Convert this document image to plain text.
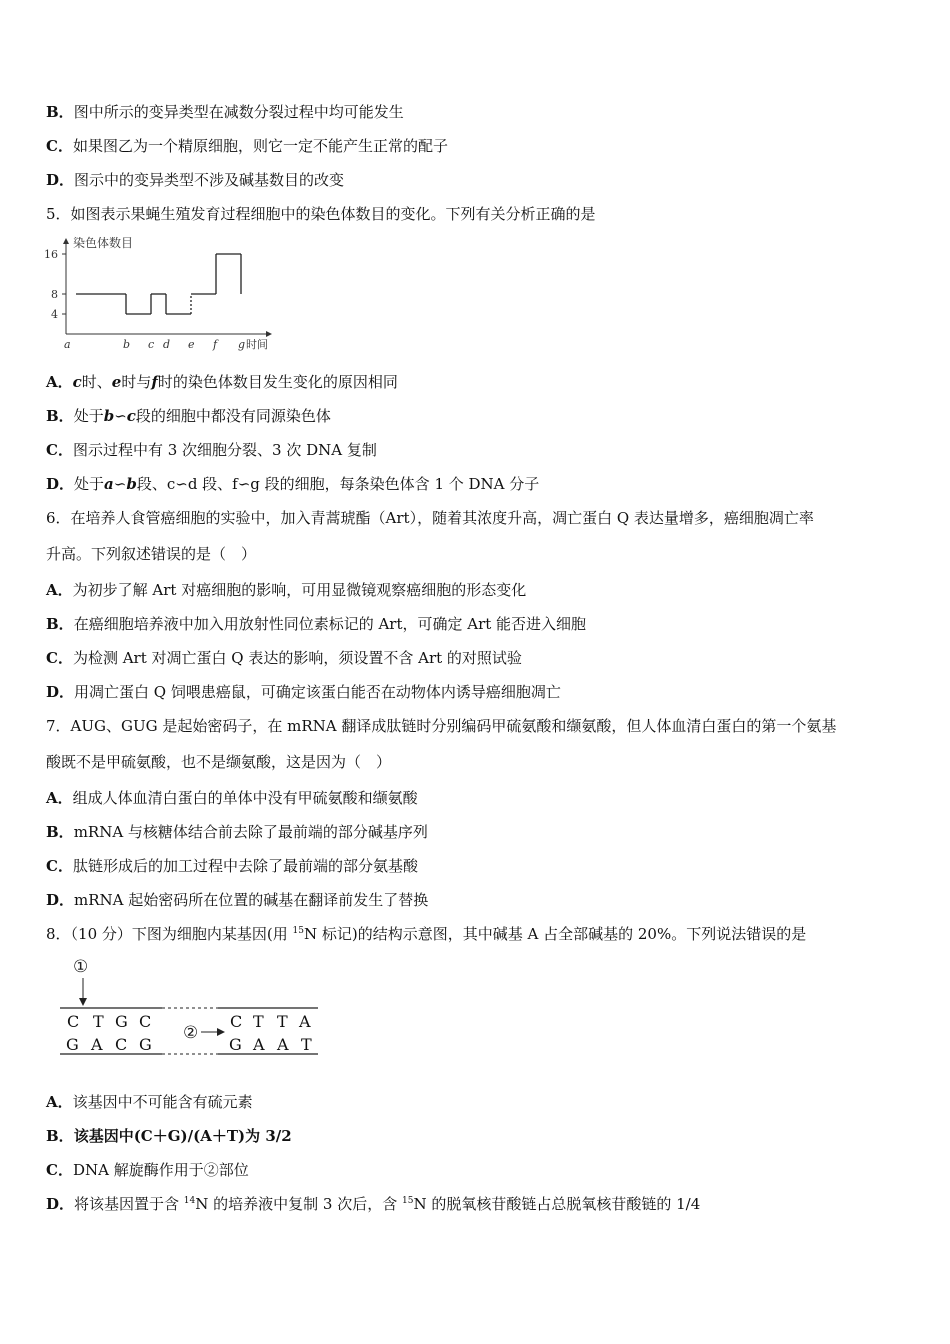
B．图中所示的变异类型在减数分裂过程中均可能发生
C．如果图乙为一个精原细胞，则它一定不能产生正常的配子
D．图示中的变异类型不涉及碱基数目的改变
5．如图表示果蝇生殖发育过程细胞中的染色体数目的变化。下列有关分析正确的是
4
8
16
a	b c d e f g
染色体数目
时间
A．c时、e时与f时的染色体数目发生变化的原因相同
B．处于b∽c段的细胞中都没有同源染色体
C．图示过程中有 3 次细胞分裂、3 次 DNA 复制
D．处于a∽b段、c∽d 段、f∽g 段的细胞，每条染色体含 1 个 DNA 分子
6．在培养人食管癌细胞的实验中，加入青蒿琥酯（Art），随着其浓度升高，凋亡蛋白 Q 表达量增多，癌细胞凋亡率
升高。下列叙述错误的是（　）
A．为初步了解 Art 对癌细胞的影响，可用显微镜观察癌细胞的形态变化
B．在癌细胞培养液中加入用放射性同位素标记的 Art，可确定 Art 能否进入细胞
C．为检测 Art 对凋亡蛋白 Q 表达的影响，须设置不含 Art 的对照试验
D．用凋亡蛋白 Q 饲喂患癌鼠，可确定该蛋白能否在动物体内诱导癌细胞凋亡
7．AUG、GUG 是起始密码子，在 mRNA 翻译成肽链时分别编码甲硫氨酸和缬氨酸，但人体血清白蛋白的第一个氨基
酸既不是甲硫氨酸，也不是缬氨酸，这是因为（　）
A．组成人体血清白蛋白的单体中没有甲硫氨酸和缬氨酸
B．mRNA 与核糖体结合前去除了最前端的部分碱基序列
C．肽链形成后的加工过程中去除了最前端的部分氨基酸
D．mRNA 起始密码所在位置的碱基在翻译前发生了替换
8．（10 分）下图为细胞内某基因(用 $^{15}$N 标记)的结构示意图，其中碱基 A 占全部碱基的 20%。下列说法错误的是
①
C T G C
G A C G
C T T A
G A A T
②
A．该基因中不可能含有硫元素
B．该基因中(C＋G)/(A＋T)为 3/2
C．DNA 解旋酶作用于②部位
D．将该基因置于含 $^{14}$N 的培养液中复制 3 次后，含 $^{15}$N 的脱氧核苷酸链占总脱氧核苷酸链的 1/4
